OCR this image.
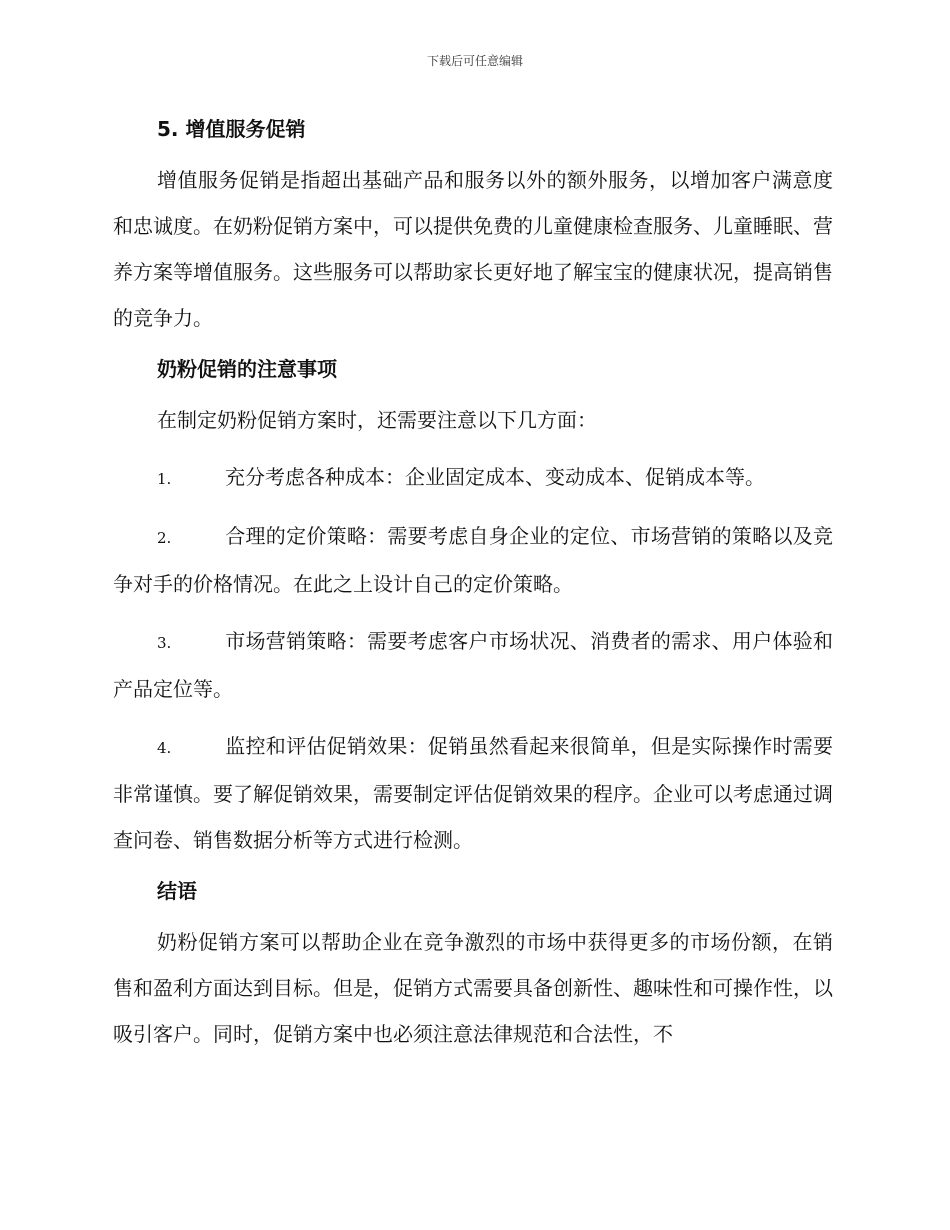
下载后可任意编辑
5. 增值服务促销

增值服务促销是指超出基础产品和服务以外的额外服务，以增加客户满意度和忠诚度。在奶粉促销方案中，可以提供免费的儿童健康检查服务、儿童睡眠、营养方案等增值服务。这些服务可以帮助家长更好地了解宝宝的健康状况，提高销售的竞争力。

奶粉促销的注意事项

在制定奶粉促销方案时，还需要注意以下几方面：

1.	充分考虑各种成本：企业固定成本、变动成本、促销成本等。

2.	合理的定价策略：需要考虑自身企业的定位、市场营销的策略以及竞争对手的价格情况。在此之上设计自己的定价策略。

3.	市场营销策略：需要考虑客户市场状况、消费者的需求、用户体验和产品定位等。

4.	监控和评估促销效果：促销虽然看起来很简单，但是实际操作时需要非常谨慎。要了解促销效果，需要制定评估促销效果的程序。企业可以考虑通过调查问卷、销售数据分析等方式进行检测。

结语

奶粉促销方案可以帮助企业在竞争激烈的市场中获得更多的市场份额，在销售和盈利方面达到目标。但是，促销方式需要具备创新性、趣味性和可操作性，以吸引客户。同时，促销方案中也必须注意法律规范和合法性，不
